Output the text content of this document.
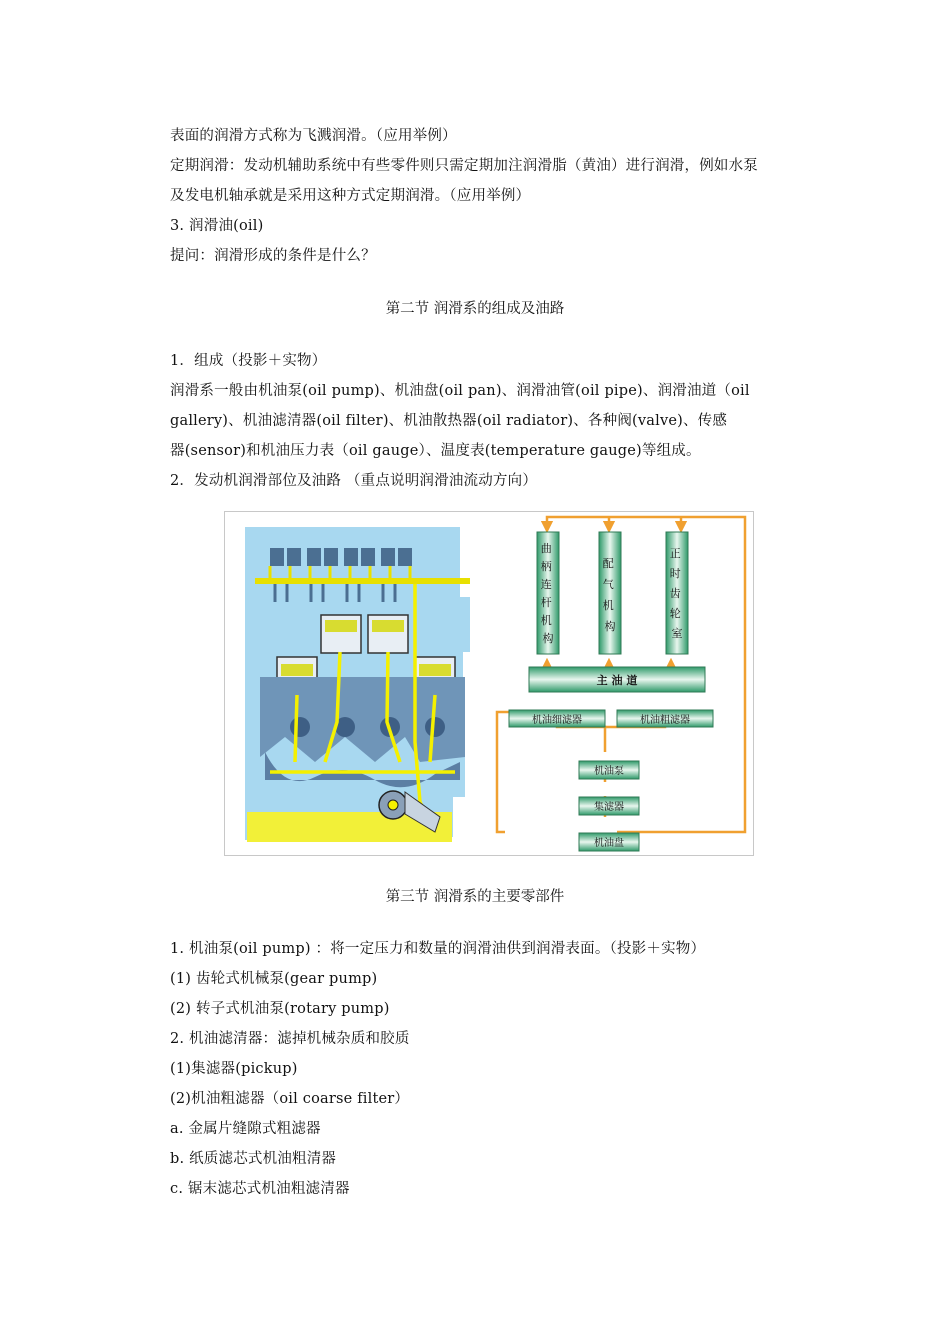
表面的润滑方式称为飞溅润滑。（应用举例）
定期润滑：发动机辅助系统中有些零件则只需定期加注润滑脂（黄油）进行润滑，例如水泵
及发电机轴承就是采用这种方式定期润滑。（应用举例）
3. 润滑油(oil)
提问：润滑形成的条件是什么？
第二节 润滑系的组成及油路
1．组成（投影＋实物）
润滑系一般由机油泵(oil pump)、机油盘(oil pan)、润滑油管(oil pipe)、润滑油道（oil
gallery)、机油滤清器(oil filter)、机油散热器(oil radiator)、各种阀(valve)、传感
器(sensor)和机油压力表（oil gauge）、温度表(temperature gauge)等组成。
2．发动机润滑部位及油路 （重点说明润滑油流动方向）
曲 柄 连 杆 机 构
配 气 机 构
正 时 齿 轮 室
主 油 道
机油细滤器	机油粗滤器
机油泵
集滤器
机油盘
第三节 润滑系的主要零部件
1. 机油泵(oil pump) ：将一定压力和数量的润滑油供到润滑表面。（投影＋实物）
(1) 齿轮式机械泵(gear pump)
(2) 转子式机油泵(rotary pump)
2. 机油滤清器：滤掉机械杂质和胶质
(1)集滤器(pickup)
(2)机油粗滤器（oil coarse filter）
a. 金属片缝隙式粗滤器
b. 纸质滤芯式机油粗清器
c. 锯末滤芯式机油粗滤清器
